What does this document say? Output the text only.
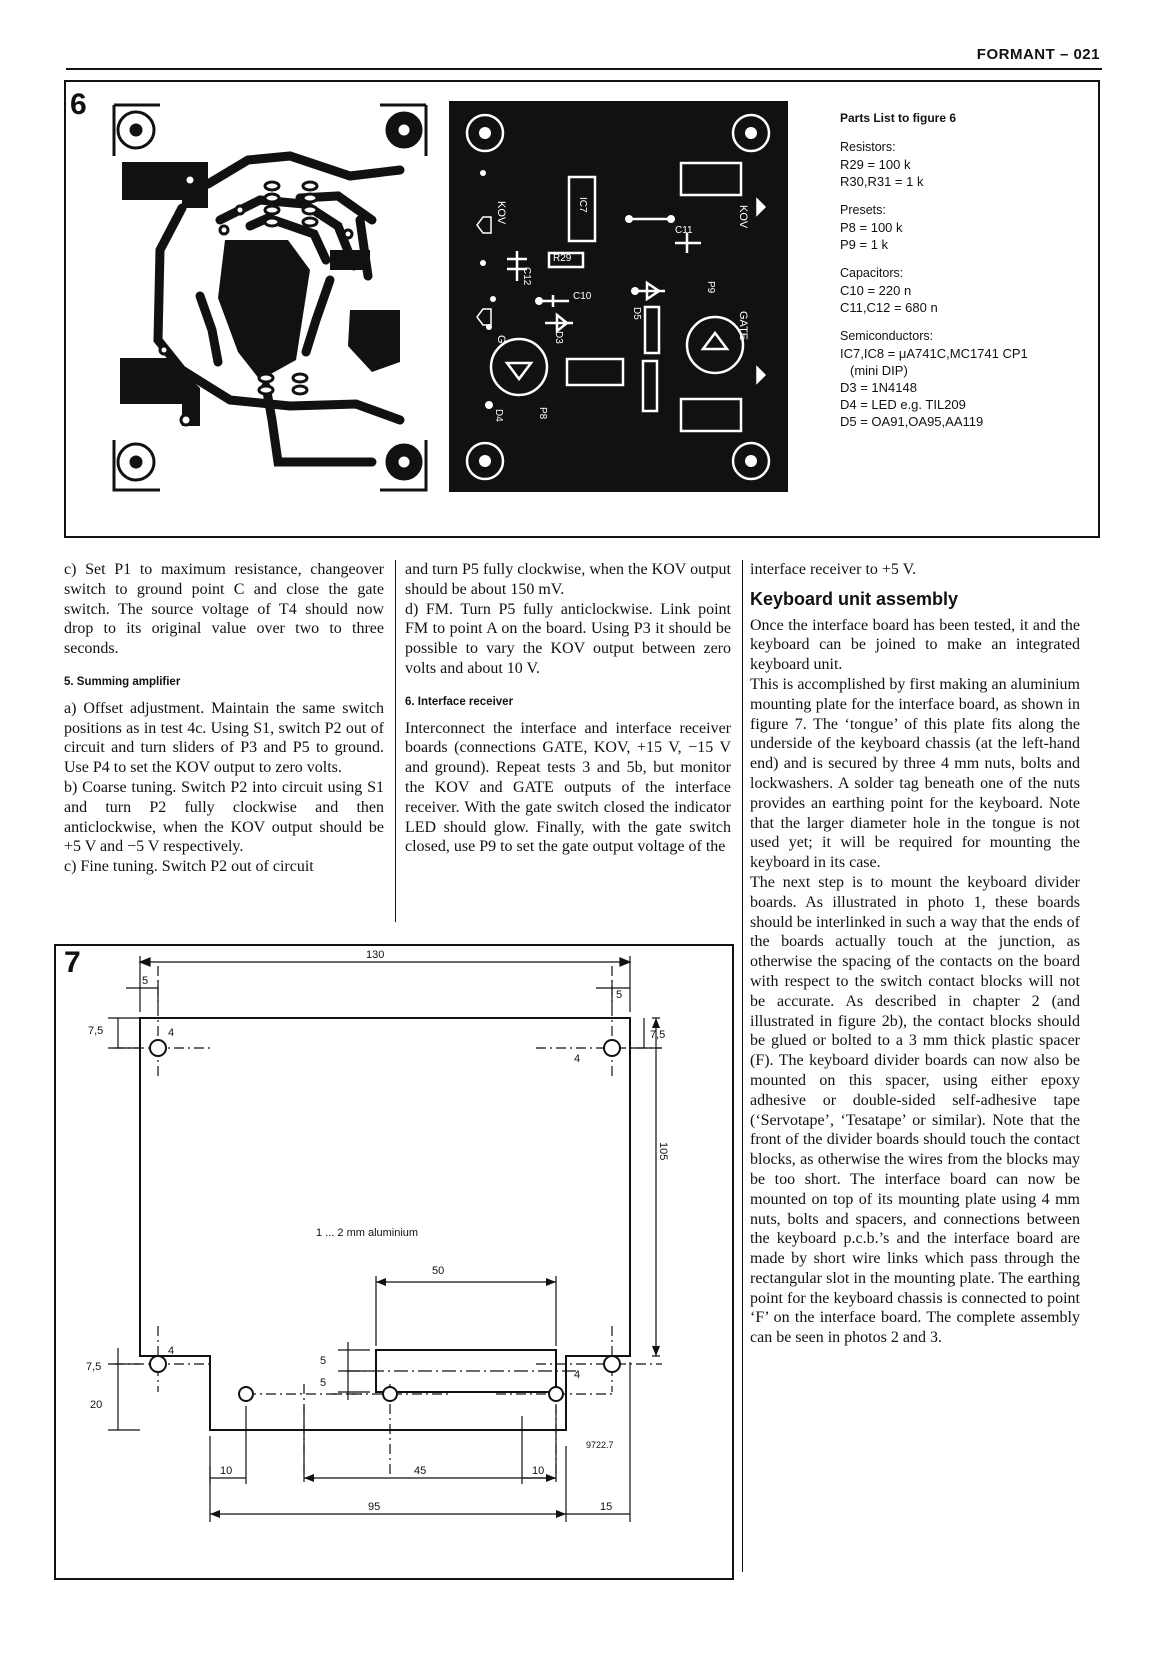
FORMANT – 021
6
KOV
G
IC7
C11
C12
R29
C10
D5
D3
R31
R10
IC8
P9
P8
D4
KOV
GATE
Parts List to figure 6
Resistors:
R29 = 100 k
R30,R31 = 1 k
Presets:
P8 = 100 k
P9 = 1 k
Capacitors:
C10 = 220 n
C11,C12 = 680 n
Semiconductors:
IC7,IC8 = μA741C,MC1741 CP1
(mini DIP)
D3 = 1N4148
D4 = LED e.g. TIL209
D5 = OA91,OA95,AA119

c) Set P1 to maximum resistance, changeover switch to ground point C and close the gate switch. The source voltage of T4 should now drop to its original value over two to three seconds.

5. Summing amplifier

a) Offset adjustment. Maintain the same switch positions as in test 4c. Using S1, switch P2 out of circuit and turn sliders of P3 and P5 to ground. Use P4 to set the KOV output to zero volts.

b) Coarse tuning. Switch P2 into circuit using S1 and turn P2 fully clockwise and then anticlockwise, when the KOV output should be +5 V and −5 V respectively.

c) Fine tuning. Switch P2 out of circuit

and turn P5 fully clockwise, when the KOV output should be about 150 mV.

d) FM. Turn P5 fully anticlockwise. Link point FM to point A on the board. Using P3 it should be possible to vary the KOV output between zero volts and about 10 V.

6. Interface receiver

Interconnect the interface and interface receiver boards (connections GATE, KOV, +15 V, −15 V and ground). Repeat tests 3 and 5b, but monitor the KOV and GATE outputs of the interface receiver. With the gate switch closed the indicator LED should glow. Finally, with the gate switch closed, use P9 to set the gate output voltage of the

interface receiver to +5 V.

Keyboard unit assembly

Once the interface board has been tested, it and the keyboard can be joined to make an integrated keyboard unit.

This is accomplished by first making an aluminium mounting plate for the interface board, as shown in figure 7. The ‘tongue’ of this plate fits along the underside of the keyboard chassis (at the left-hand end) and is secured by three 4 mm nuts, bolts and lockwashers. A solder tag beneath one of the nuts provides an earthing point for the keyboard. Note that the larger diameter hole in the tongue is not used yet; it will be required for mounting the keyboard in its case.

The next step is to mount the keyboard divider boards. As illustrated in photo 1, these boards should be interlinked in such a way that the ends of the boards actually touch at the junction, as otherwise the spacing of the contacts on the board with respect to the switch contact blocks will not be accurate. As described in chapter 2 (and illustrated in figure 2b), the contact blocks should be glued or bolted to a 3 mm thick plastic spacer (F). The keyboard divider boards can now also be mounted on this spacer, using either epoxy adhesive or double-sided self-adhesive tape (‘Servotape’, ‘Tesatape’ or similar). Note that the front of the divider boards should touch the contact blocks, as otherwise the wires from the blocks may be too short. The interface board can now be mounted on top of its mounting plate using 4 mm nuts, bolts and spacers, and connections between the keyboard p.c.b.’s and the interface board are made by short wire links which pass through the rectangular slot in the mounting plate. The earthing point for the keyboard chassis is connected to point ‘F’ on the interface board. The complete assembly can be seen in photos 2 and 3.

7	130
5
5
7,5	7,5
4
4
105
1 ... 2 mm aluminium
50
5
5
4
4
7,5
20
10	45	10
95	15
9722.7
